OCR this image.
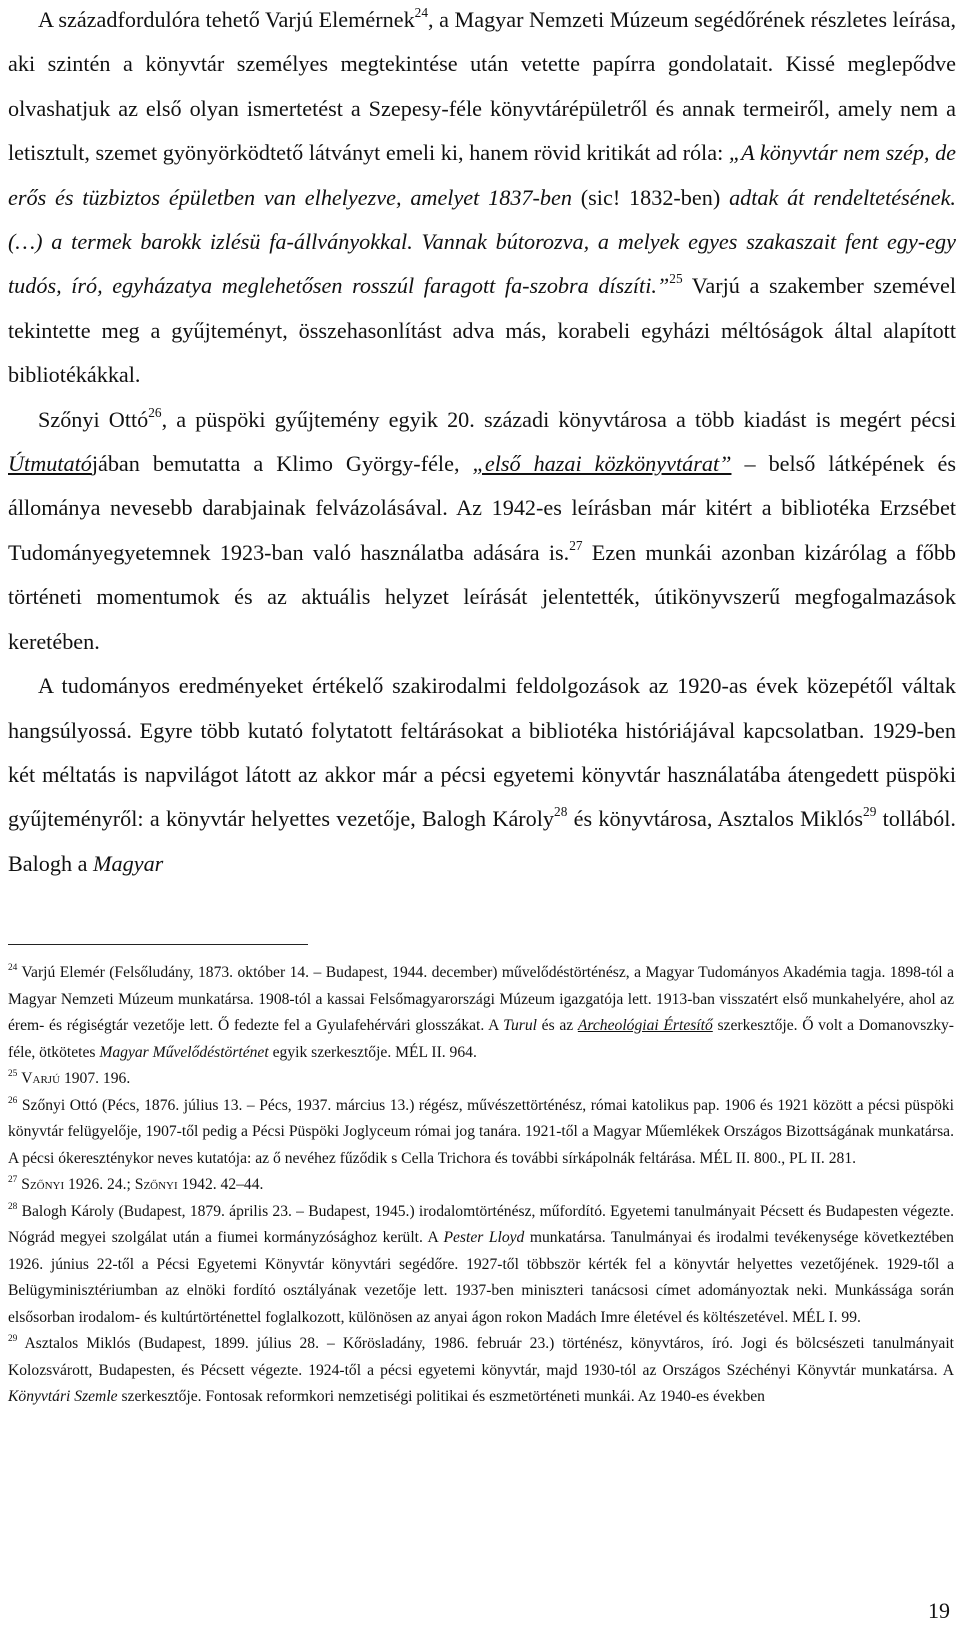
A századfordulóra tehető Varjú Elemérnek$^{24}$, a Magyar Nemzeti Múzeum segédőrének részletes leírása, aki szintén a könyvtár személyes megtekintése után vetette papírra gondolatait. Kissé meglepődve olvashatjuk az első olyan ismertetést a Szepesy-féle könyvtárépületről és annak termeiről, amely nem a letisztult, szemet gyönyörködtető látványt emeli ki, hanem rövid kritikát ad róla: „A könyvtár nem szép, de erős és tüzbiztos épületben van elhelyezve, amelyet 1837-ben (sic! 1832-ben) adtak át rendeltetésének. (…) a termek barokk izlésü fa-állványokkal. Vannak bútorozva, a melyek egyes szakaszait fent egy-egy tudós, író, egyházatya meglehetősen rosszúl faragott fa-szobra díszíti.”$^{25}$ Varjú a szakember szemével tekintette meg a gyűjteményt, összehasonlítást adva más, korabeli egyházi méltóságok által alapított bibliotékákkal.

Szőnyi Ottó$^{26}$, a püspöki gyűjtemény egyik 20. századi könyvtárosa a több kiadást is megért pécsi Útmutatójában bemutatta a Klimo György-féle, „első hazai közkönyvtárat” – belső látképének és állománya nevesebb darabjainak felvázolásával. Az 1942-es leírásban már kitért a bibliotéka Erzsébet Tudományegyetemnek 1923-ban való használatba adására is.$^{27}$ Ezen munkái azonban kizárólag a főbb történeti momentumok és az aktuális helyzet leírását jelentették, útikönyvszerű megfogalmazások keretében.

A tudományos eredményeket értékelő szakirodalmi feldolgozások az 1920-as évek közepétől váltak hangsúlyossá. Egyre több kutató folytatott feltárásokat a bibliotéka históriájával kapcsolatban. 1929-ben két méltatás is napvilágot látott az akkor már a pécsi egyetemi könyvtár használatába átengedett püspöki gyűjteményről: a könyvtár helyettes vezetője, Balogh Károly$^{28}$ és könyvtárosa, Asztalos Miklós$^{29}$ tollából. Balogh a Magyar

$^{24}$ Varjú Elemér (Felsőludány, 1873. október 14. – Budapest, 1944. december) művelődéstörténész, a Magyar Tudományos Akadémia tagja. 1898-tól a Magyar Nemzeti Múzeum munkatársa. 1908-tól a kassai Felsőmagyarországi Múzeum igazgatója lett. 1913-ban visszatért első munkahelyére, ahol az érem- és régiségtár vezetője lett. Ő fedezte fel a Gyulafehérvári glosszákat. A Turul és az Archeológiai Értesítő szerkesztője. Ő volt a Domanovszky-féle, ötkötetes Magyar Művelődéstörténet egyik szerkesztője. MÉL II. 964.

$^{25}$ Varjú 1907. 196.

$^{26}$ Szőnyi Ottó (Pécs, 1876. július 13. – Pécs, 1937. március 13.) régész, művészettörténész, római katolikus pap. 1906 és 1921 között a pécsi püspöki könyvtár felügyelője, 1907-től pedig a Pécsi Püspöki Joglyceum római jog tanára. 1921-től a Magyar Műemlékek Országos Bizottságának munkatársa. A pécsi ókereszténykor neves kutatója: az ő nevéhez fűződik s Cella Trichora és további sírkápolnák feltárása. MÉL II. 800., PL II. 281.

$^{27}$ Szőnyi 1926. 24.; Szőnyi 1942. 42–44.

$^{28}$ Balogh Károly (Budapest, 1879. április 23. – Budapest, 1945.) irodalomtörténész, műfordító. Egyetemi tanulmányait Pécsett és Budapesten végezte. Nógrád megyei szolgálat után a fiumei kormányzósághoz került. A Pester Lloyd munkatársa. Tanulmányai és irodalmi tevékenysége következtében 1926. június 22-től a Pécsi Egyetemi Könyvtár könyvtári segédőre. 1927-től többször kérték fel a könyvtár helyettes vezetőjének. 1929-től a Belügyminisztériumban az elnöki fordító osztályának vezetője lett. 1937-ben miniszteri tanácsosi címet adományoztak neki. Munkássága során elsősorban irodalom- és kultúrtörténettel foglalkozott, különösen az anyai ágon rokon Madách Imre életével és költészetével. MÉL I. 99.

$^{29}$ Asztalos Miklós (Budapest, 1899. július 28. – Kőrösladány, 1986. február 23.) történész, könyvtáros, író. Jogi és bölcsészeti tanulmányait Kolozsvárott, Budapesten, és Pécsett végezte. 1924-től a pécsi egyetemi könyvtár, majd 1930-tól az Országos Széchényi Könyvtár munkatársa. A Könyvtári Szemle szerkesztője. Fontosak reformkori nemzetiségi politikai és eszmetörténeti munkái. Az 1940-es években

19
